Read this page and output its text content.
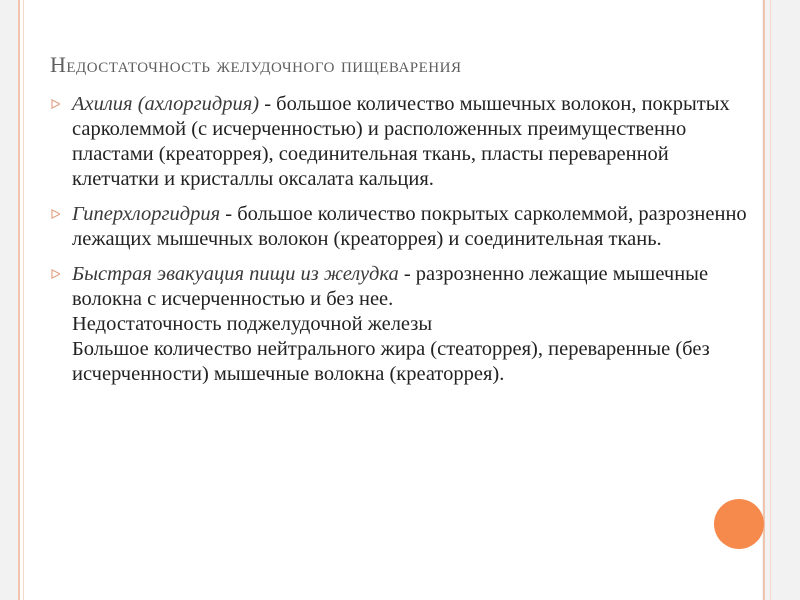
Недостаточность желудочного пищеварения
ᐅ Ахилия (ахлоргидрия) - большое количество мышечных волокон, покрытых сарколеммой (с исчерченностью) и расположенных преимущественно пластами (креаторрея), соединительная ткань, пласты переваренной клетчатки и кристаллы оксалата кальция.
ᐅ Гиперхлоргидрия - большое количество покрытых сарколеммой, разрозненно лежащих мышечных волокон (креаторрея) и соединительная ткань.
ᐅ Быстрая эвакуация пищи из желудка - разрозненно лежащие мышечные волокна с исчерченностью и без нее.
Недостаточность поджелудочной железы
Большое количество нейтрального жира (стеаторрея), переваренные (без исчерченности) мышечные волокна (креаторрея).
